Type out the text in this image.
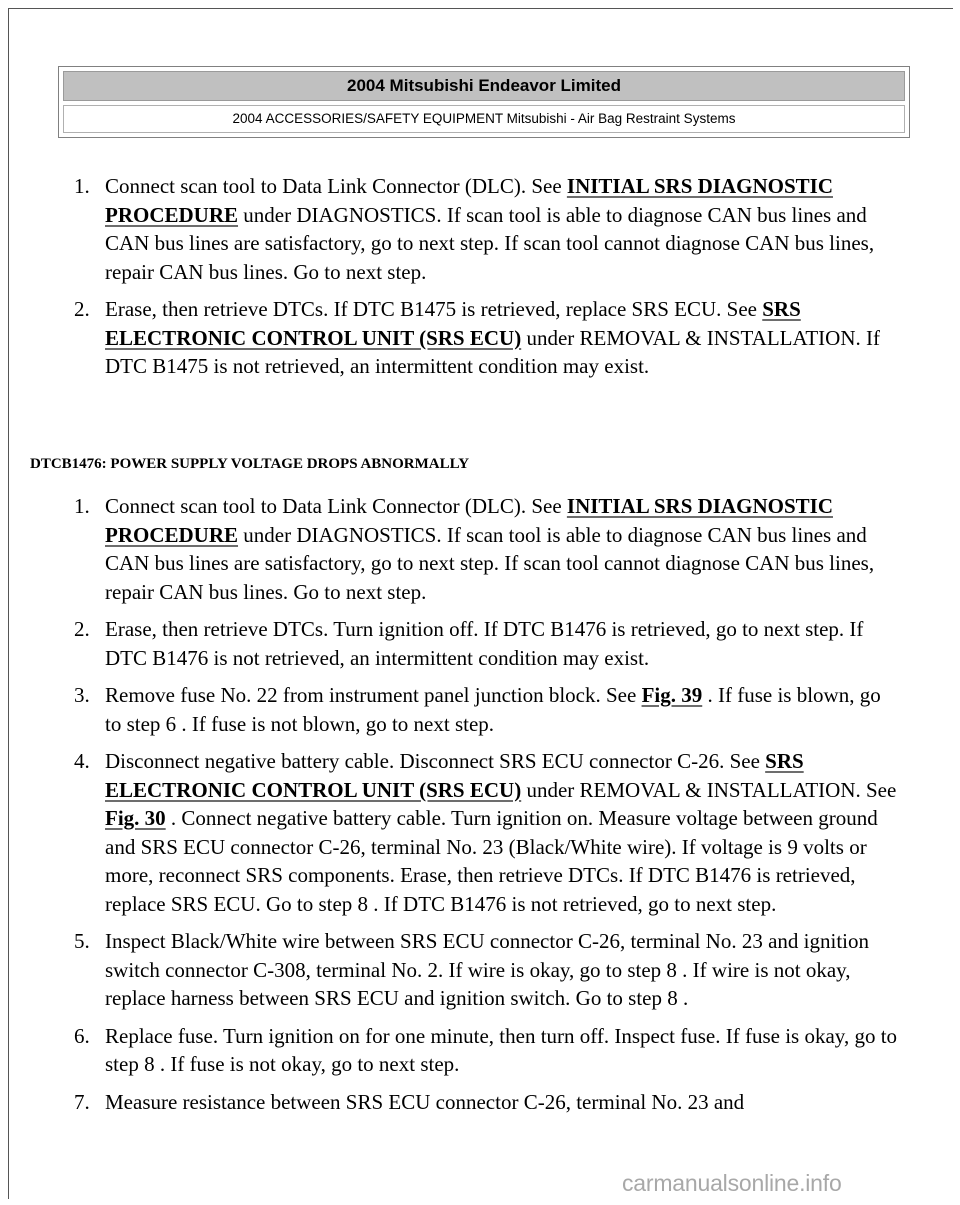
2004 Mitsubishi Endeavor Limited
2004 ACCESSORIES/SAFETY EQUIPMENT Mitsubishi - Air Bag Restraint Systems
1. Connect scan tool to Data Link Connector (DLC). See INITIAL SRS DIAGNOSTIC PROCEDURE under DIAGNOSTICS. If scan tool is able to diagnose CAN bus lines and CAN bus lines are satisfactory, go to next step. If scan tool cannot diagnose CAN bus lines, repair CAN bus lines. Go to next step.
2. Erase, then retrieve DTCs. If DTC B1475 is retrieved, replace SRS ECU. See SRS ELECTRONIC CONTROL UNIT (SRS ECU) under REMOVAL & INSTALLATION. If DTC B1475 is not retrieved, an intermittent condition may exist.
DTCB1476: POWER SUPPLY VOLTAGE DROPS ABNORMALLY
1. Connect scan tool to Data Link Connector (DLC). See INITIAL SRS DIAGNOSTIC PROCEDURE under DIAGNOSTICS. If scan tool is able to diagnose CAN bus lines and CAN bus lines are satisfactory, go to next step. If scan tool cannot diagnose CAN bus lines, repair CAN bus lines. Go to next step.
2. Erase, then retrieve DTCs. Turn ignition off. If DTC B1476 is retrieved, go to next step. If DTC B1476 is not retrieved, an intermittent condition may exist.
3. Remove fuse No. 22 from instrument panel junction block. See Fig. 39 . If fuse is blown, go to step 6 . If fuse is not blown, go to next step.
4. Disconnect negative battery cable. Disconnect SRS ECU connector C-26. See SRS ELECTRONIC CONTROL UNIT (SRS ECU) under REMOVAL & INSTALLATION. See Fig. 30 . Connect negative battery cable. Turn ignition on. Measure voltage between ground and SRS ECU connector C-26, terminal No. 23 (Black/White wire). If voltage is 9 volts or more, reconnect SRS components. Erase, then retrieve DTCs. If DTC B1476 is retrieved, replace SRS ECU. Go to step 8 . If DTC B1476 is not retrieved, go to next step.
5. Inspect Black/White wire between SRS ECU connector C-26, terminal No. 23 and ignition switch connector C-308, terminal No. 2. If wire is okay, go to step 8 . If wire is not okay, replace harness between SRS ECU and ignition switch. Go to step 8 .
6. Replace fuse. Turn ignition on for one minute, then turn off. Inspect fuse. If fuse is okay, go to step 8 . If fuse is not okay, go to next step.
7. Measure resistance between SRS ECU connector C-26, terminal No. 23 and
carmanualsonline.info
